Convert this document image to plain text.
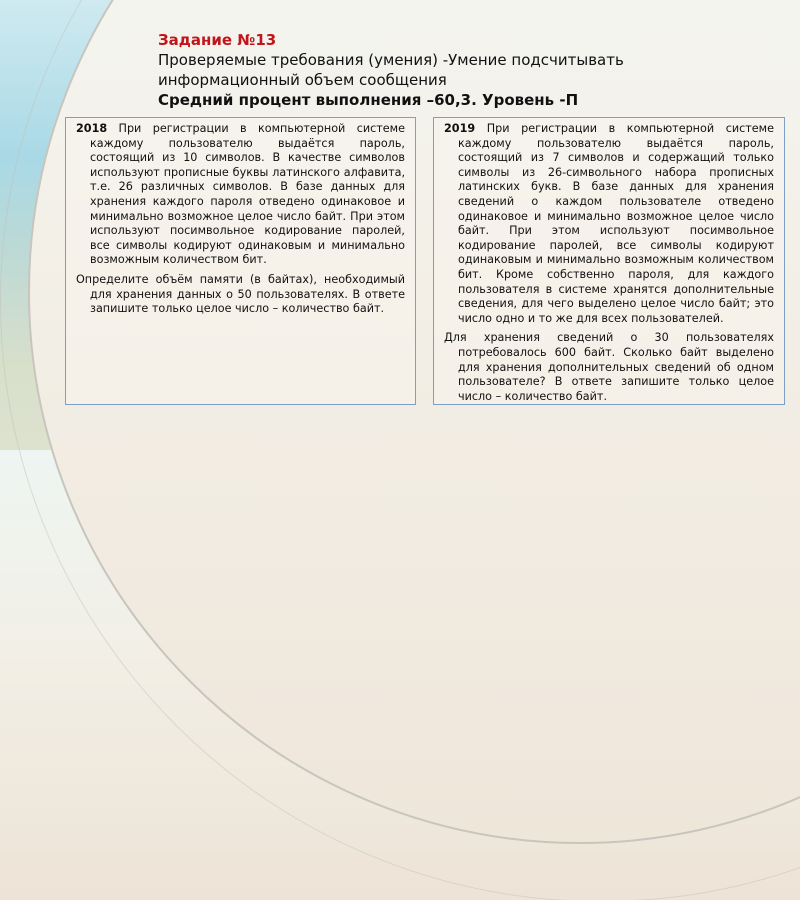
Задание №13

Проверяемые требования (умения) -Умение подсчитывать

информационный объем сообщения

Средний процент выполнения –60,3. Уровень -П

2018 При регистрации в компьютерной системе каждому пользователю выдаётся пароль, состоящий из 10 символов. В качестве символов используют прописные буквы латинского алфавита, т.е. 26 различных символов. В базе данных для хранения каждого пароля отведено одинаковое и минимально возможное целое число байт. При этом используют посимвольное кодирование паролей, все символы кодируют одинаковым и минимально возможным количеством бит.

Определите объём памяти (в байтах), необходимый для хранения данных о 50 пользователях. В ответе запишите только целое число – количество байт.

2019 При регистрации в компьютерной системе каждому пользователю выдаётся пароль, состоящий из 7 символов и содержащий только символы из 26-символьного набора прописных латинских букв. В базе данных для хранения сведений о каждом пользователе отведено одинаковое и минимально возможное целое число байт. При этом используют посимвольное кодирование паролей, все символы кодируют одинаковым и минимально возможным количеством бит. Кроме собственно пароля, для каждого пользователя в системе хранятся дополнительные сведения, для чего выделено целое число байт; это число одно и то же для всех пользователей.

Для хранения сведений о 30 пользователях потребовалось 600 байт. Сколько байт выделено для хранения дополнительных сведений об одном пользователе? В ответе запишите только целое число – количество байт.
